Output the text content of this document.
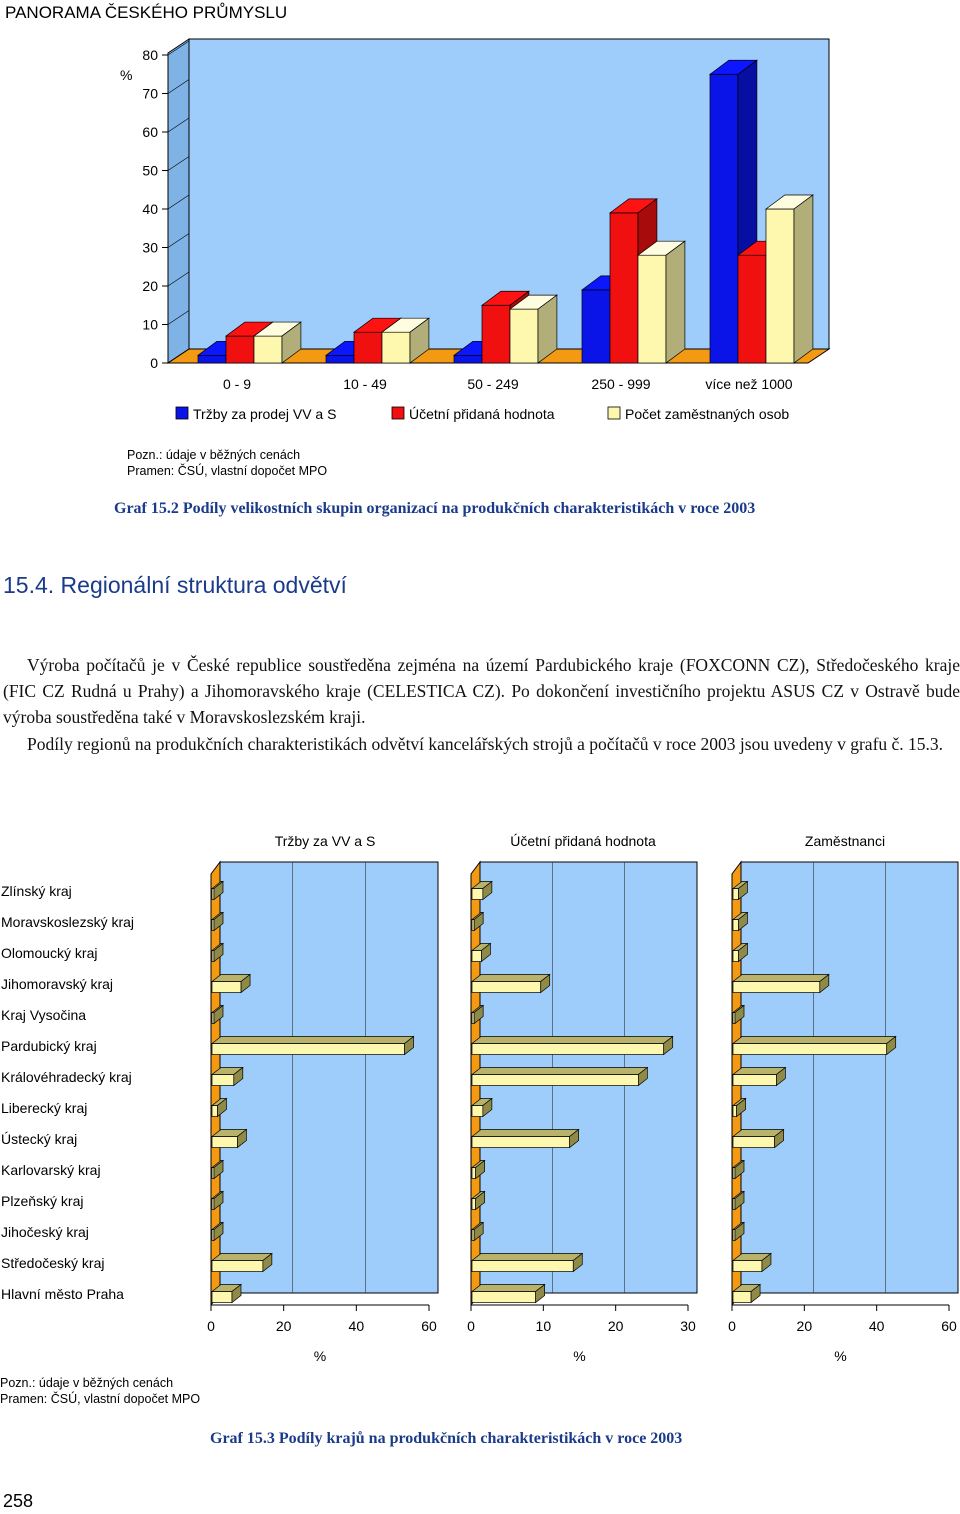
PANORAMA ČESKÉHO PRŮMYSLU
0
10
20
30
40
50
60
70
80
%
0 - 9	10 - 49	50 - 249	250 - 999	více než 1000
Tržby za prodej VV a S	Účetní přidaná hodnota	Počet zaměstnaných osob
Pozn.: údaje v běžných cenách
Pramen: ČSÚ, vlastní dopočet MPO
Graf 15.2 Podíly velikostních skupin organizací na produkčních charakteristikách v roce 2003
15.4. Regionální struktura odvětví

Výroba počítačů je v České republice soustředěna zejména na území Pardubického kraje (FOXCONN CZ), Středočeského kraje (FIC CZ Rudná u Prahy) a Jihomoravského kraje (CELESTICA CZ). Po dokončení investičního projektu ASUS CZ v Ostravě bude výroba soustředěna také v Moravskoslezském kraji.

Podíly regionů na produkčních charakteristikách odvětví kancelářských strojů a počítačů v roce 2003 jsou uvedeny v grafu č. 15.3.

Zlínský kraj
Moravskoslezský kraj
Olomoucký kraj
Jihomoravský kraj
Kraj Vysočina
Pardubický kraj
Královéhradecký kraj
Liberecký kraj
Ústecký kraj
Karlovarský kraj
Plzeňský kraj
Jihočeský kraj
Středočeský kraj
Hlavní město Praha
Tržby za VV a S
0	20	40	60
%
Účetní přidaná hodnota
0	10	20	30
%
Zaměstnanci
0	20	40	60
%
Pozn.: údaje v běžných cenách
Pramen: ČSÚ, vlastní dopočet MPO
Graf 15.3 Podíly krajů na produkčních charakteristikách v roce 2003
258
